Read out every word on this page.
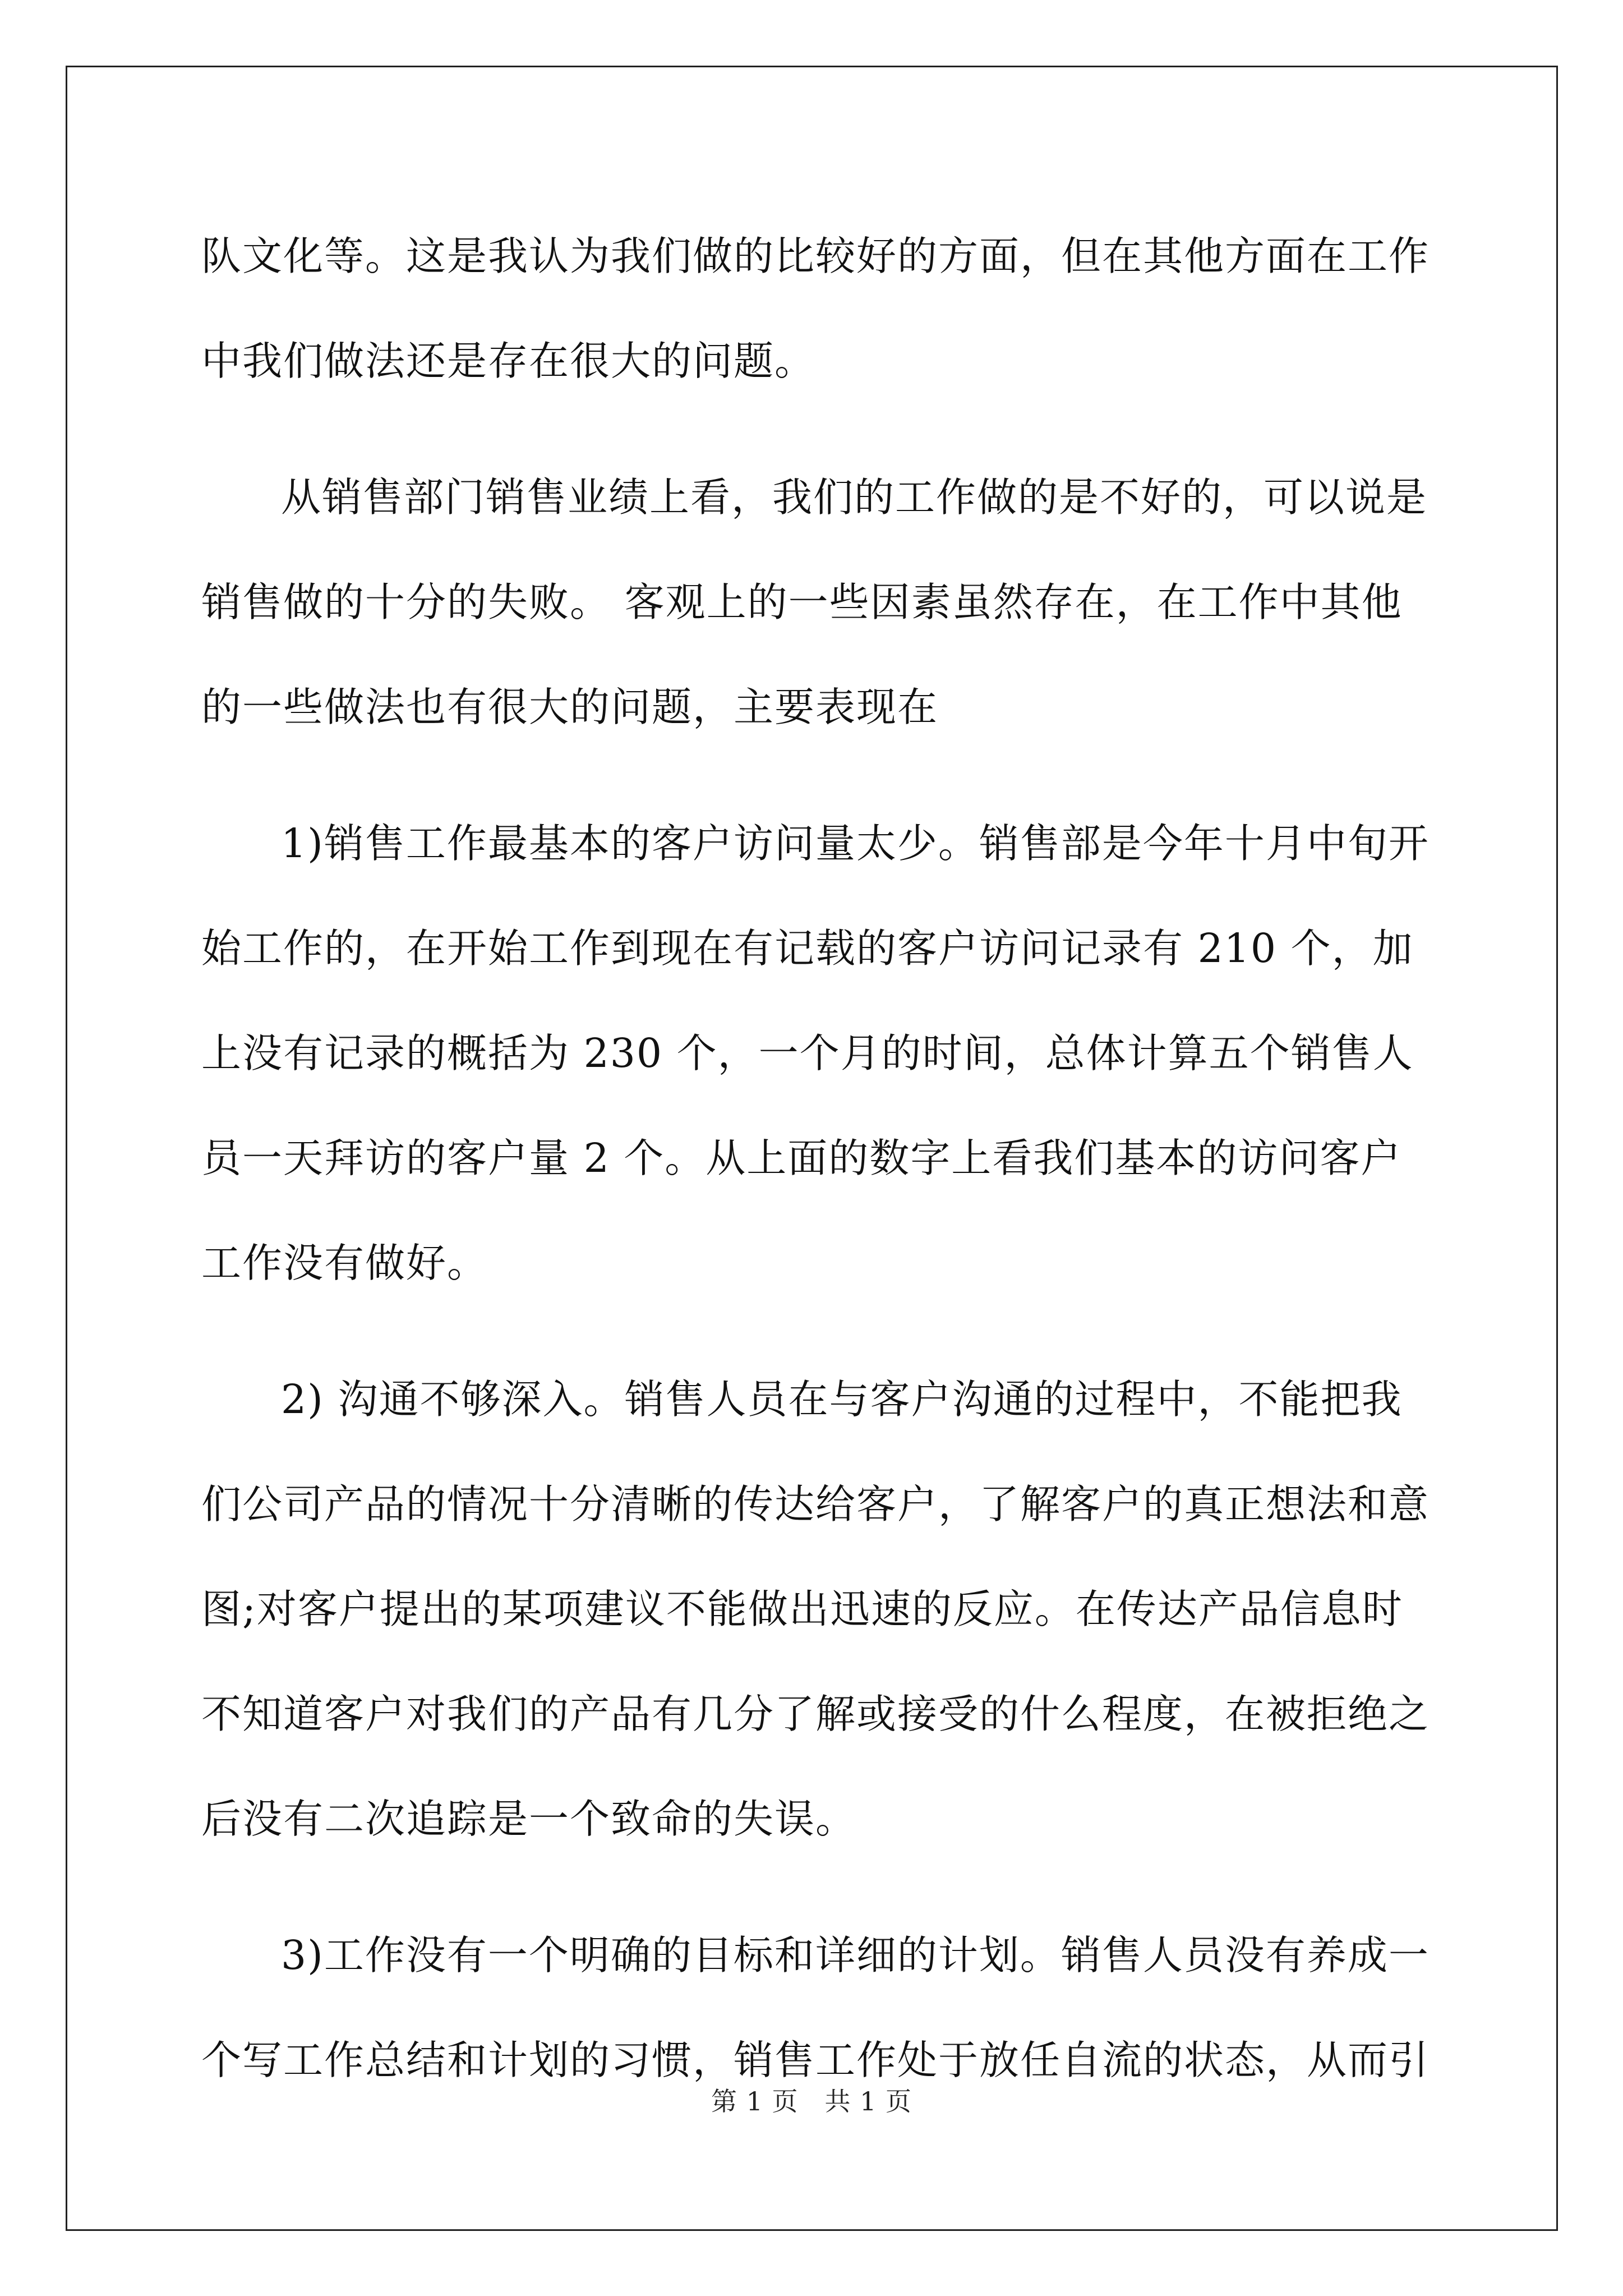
队文化等。这是我认为我们做的比较好的方面，但在其他方面在工作中我们做法还是存在很大的问题。

从销售部门销售业绩上看，我们的工作做的是不好的，可以说是销售做的十分的失败。 客观上的一些因素虽然存在，在工作中其他的一些做法也有很大的问题，主要表现在

1)销售工作最基本的客户访问量太少。销售部是今年十月中旬开始工作的，在开始工作到现在有记载的客户访问记录有 210 个，加上没有记录的概括为 230 个，一个月的时间，总体计算五个销售人员一天拜访的客户量 2 个。从上面的数字上看我们基本的访问客户工作没有做好。

2) 沟通不够深入。销售人员在与客户沟通的过程中，不能把我们公司产品的情况十分清晰的传达给客户，了解客户的真正想法和意图;对客户提出的某项建议不能做出迅速的反应。在传达产品信息时不知道客户对我们的产品有几分了解或接受的什么程度，在被拒绝之后没有二次追踪是一个致命的失误。

3)工作没有一个明确的目标和详细的计划。销售人员没有养成一个写工作总结和计划的习惯，销售工作处于放任自流的状态，从而引

第 1 页　共 1 页
